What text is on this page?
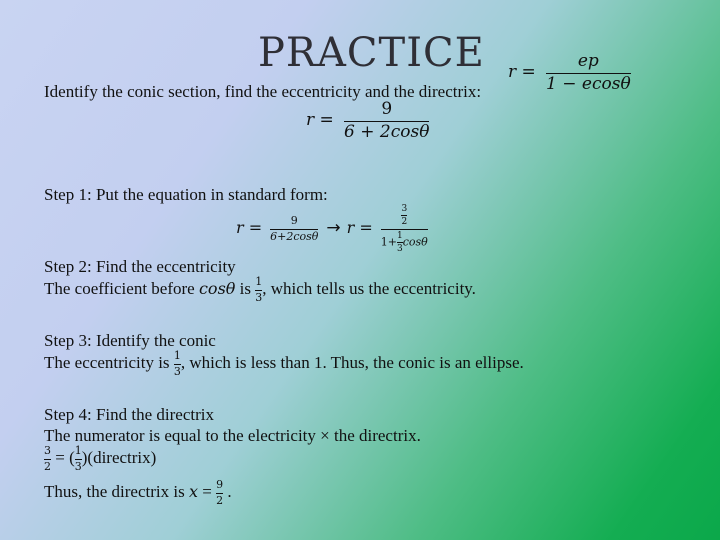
PRACTICE $r = \frac{ep}{1 - ecos\theta}$
Identify the conic section, find the eccentricity and the directrix:
$r = \frac{9}{6 + 2\cos\theta}$
Step 1: Put the equation in standard form:
$r = \frac{9}{6+2\cos\theta} \to r = \frac{\frac{3}{2}}{1+ \frac{1}{3} \cos\theta}$
Step 2: Find the eccentricity
The coefficient before cosθ is $\frac{1}{3}$ , which tells us the eccentricity.
Step 3: Identify the conic
The eccentricity is $\frac{1}{3}$ , which is less than 1. Thus, the conic is an ellipse.
Step 4: Find the directrix
The numerator is equal to the electricity × the directrix.
$\frac{3}{2}$ = ( $\frac{1}{3}$ )(directrix)
Thus, the directrix is $x = \frac{9}{2}$ .
